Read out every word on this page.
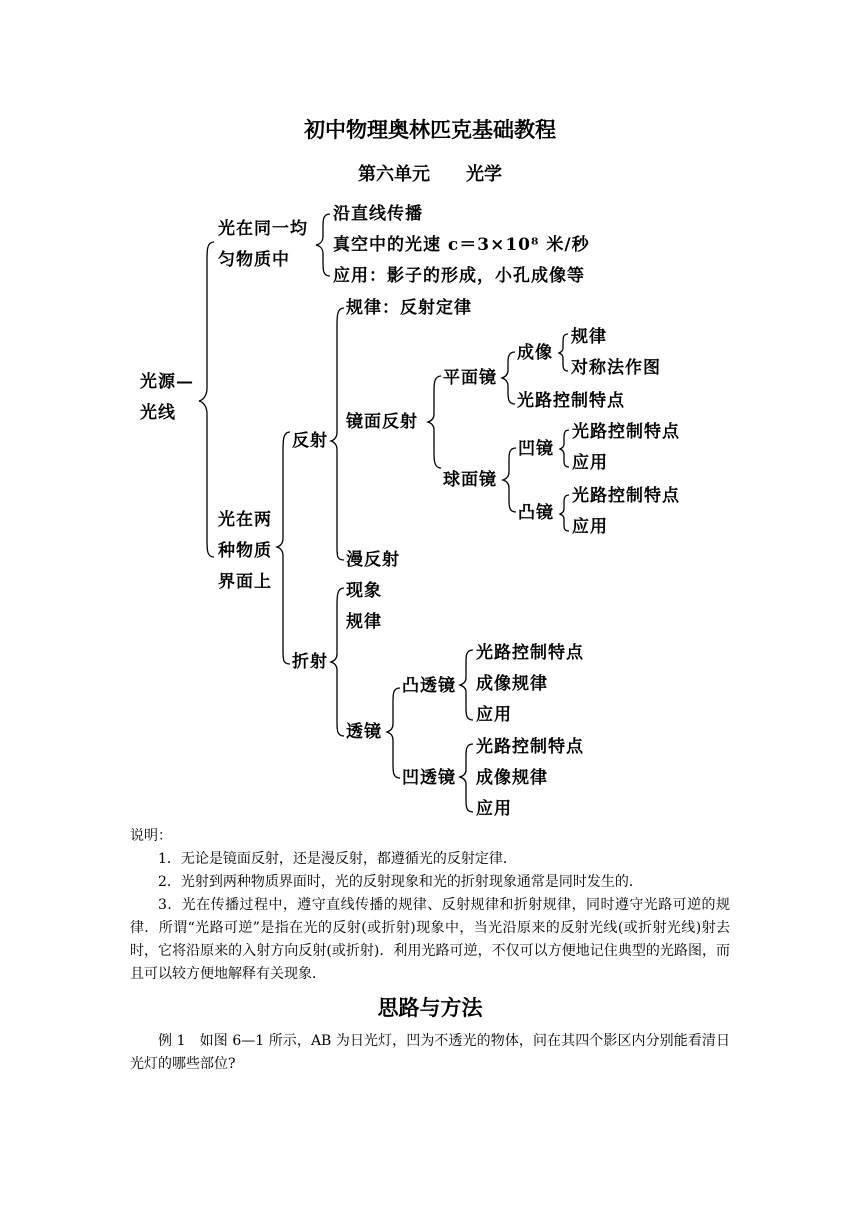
初中物理奥林匹克基础教程
第六单元　　光学
光源—
光线
光在同一均
匀物质中
沿直线传播
真空中的光速 c＝3×10⁸ 米/秒
应用：影子的形成，小孔成像等
光在两
种物质
界面上
反射
规律：反射定律
镜面反射
平面镜
成像
规律
对称法作图
光路控制特点
球面镜
凹镜
光路控制特点
应用
凸镜
光路控制特点
应用
漫反射
折射
现象
规律
透镜
凸透镜
光路控制特点
成像规律
应用
凹透镜
光路控制特点
成像规律
应用
说明：
1．无论是镜面反射，还是漫反射，都遵循光的反射定律．
2．光射到两种物质界面时，光的反射现象和光的折射现象通常是同时发生的．
3．光在传播过程中，遵守直线传播的规律、反射规律和折射规律，同时遵守光路可逆的规律．所谓“光路可逆”是指在光的反射(或折射)现象中，当光沿原来的反射光线(或折射光线)射去时，它将沿原来的入射方向反射(或折射)．利用光路可逆，不仅可以方便地记住典型的光路图，而且可以较方便地解释有关现象．
思路与方法
例 1　如图 6—1 所示，AB 为日光灯，凹为不透光的物体，问在其四个影区内分别能看清日光灯的哪些部位?
